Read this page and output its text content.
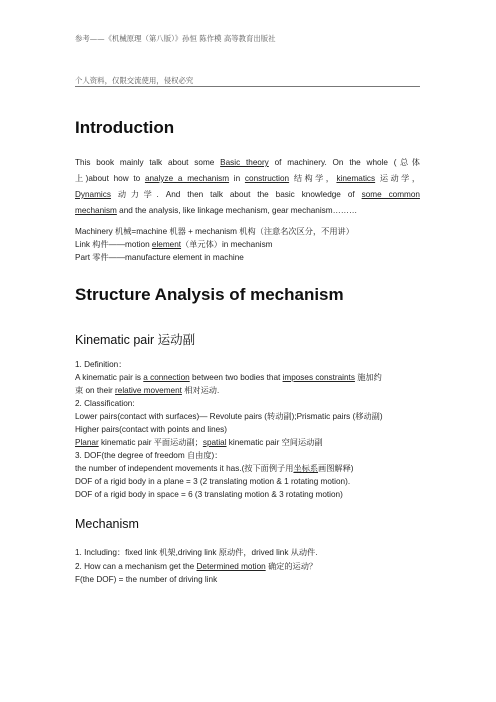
参考——《机械原理（第八版）》孙恒 陈作模 高等教育出版社
个人资料，仅限交流使用，侵权必究
Introduction
This book mainly talk about some Basic theory of machinery. On the whole (总体
上)about how to analyze a mechanism in construction 结构学，kinematics 运动学，
Dynamics 动力学. And then talk about the basic knowledge of some common
mechanism and the analysis, like linkage mechanism, gear mechanism………
Machinery 机械=machine 机器 + mechanism 机构（注意名次区分，不用讲）
Link 构件——motion element（单元体）in mechanism
Part 零件——manufacture element in machine
Structure Analysis of mechanism
Kinematic pair 运动副
1. Definition：
A kinematic pair is a connection between two bodies that imposes constraints 施加约
束 on their relative movement 相对运动.
2. Classification:
Lower pairs(contact with surfaces)— Revolute pairs (转动副);Prismatic pairs (移动副)
Higher pairs(contact with points and lines)
Planar kinematic pair 平面运动副；spatial kinematic pair 空间运动副
3. DOF(the degree of freedom 自由度)：
the number of independent movements it has.(按下面例子用坐标系画图解释)
DOF of a rigid body in a plane = 3 (2 translating motion & 1 rotating motion).
DOF of a rigid body in space = 6 (3 translating motion & 3 rotating motion)
Mechanism
1. Including：fixed link 机架,driving link 原动件，drived link 从动件.
2. How can a mechanism get the Determined motion 确定的运动？
F(the DOF) = the number of driving link
